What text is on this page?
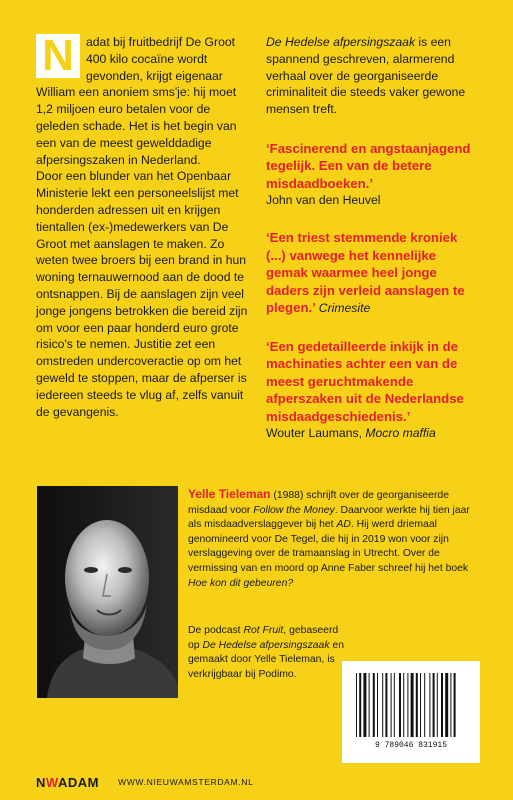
N adat bij fruitbedrijf De Groot 400 kilo cocaïne wordt gevonden, krijgt eigenaar William een anoniem sms'je: hij moet 1,2 miljoen euro betalen voor de geleden schade. Het is het begin van een van de meest gewelddadige afpersingszaken in Nederland.

Door een blunder van het Openbaar Ministerie lekt een personeelslijst met honderden adressen uit en krijgen tientallen (ex-)medewerkers van De Groot met aanslagen te maken. Zo weten twee broers bij een brand in hun woning ternauwernood aan de dood te ontsnappen. Bij de aanslagen zijn veel jonge jongens betrokken die bereid zijn om voor een paar honderd euro grote risico's te nemen. Justitie zet een omstreden undercoveractie op om het geweld te stoppen, maar de afperser is iedereen steeds te vlug af, zelfs vanuit de gevangenis.

De Hedelse afpersingszaak is een spannend geschreven, alarmerend verhaal over de georganiseerde criminaliteit die steeds vaker gewone mensen treft.

‘Fascinerend en angstaanjagend tegelijk. Een van de betere misdaadboeken.’

John van den Heuvel

‘Een triest stemmende kroniek (...) vanwege het kennelijke gemak waarmee heel jonge daders zijn verleid aanslagen te plegen.’ Crimesite

‘Een gedetailleerde inkijk in de machinaties achter een van de meest geruchtmakende afperszaken uit de Nederlandse misdaadgeschiedenis.’

Wouter Laumans, Mocro maffia

Yelle Tieleman (1988) schrijft over de georganiseerde misdaad voor Follow the Money. Daarvoor werkte hij tien jaar als misdaadverslaggever bij het AD. Hij werd driemaal genomineerd voor De Tegel, die hij in 2019 won voor zijn verslaggeving over de tramaanslag in Utrecht. Over de vermissing van en moord op Anne Faber schreef hij het boek Hoe kon dit gebeuren?

De podcast Rot Fruit, gebaseerd op De Hedelse afpersingszaak en gemaakt door Yelle Tieleman, is verkrijgbaar bij Podimo.

9 789046 831915
NWADAM WWW.NIEUWAMSTERDAM.NL
